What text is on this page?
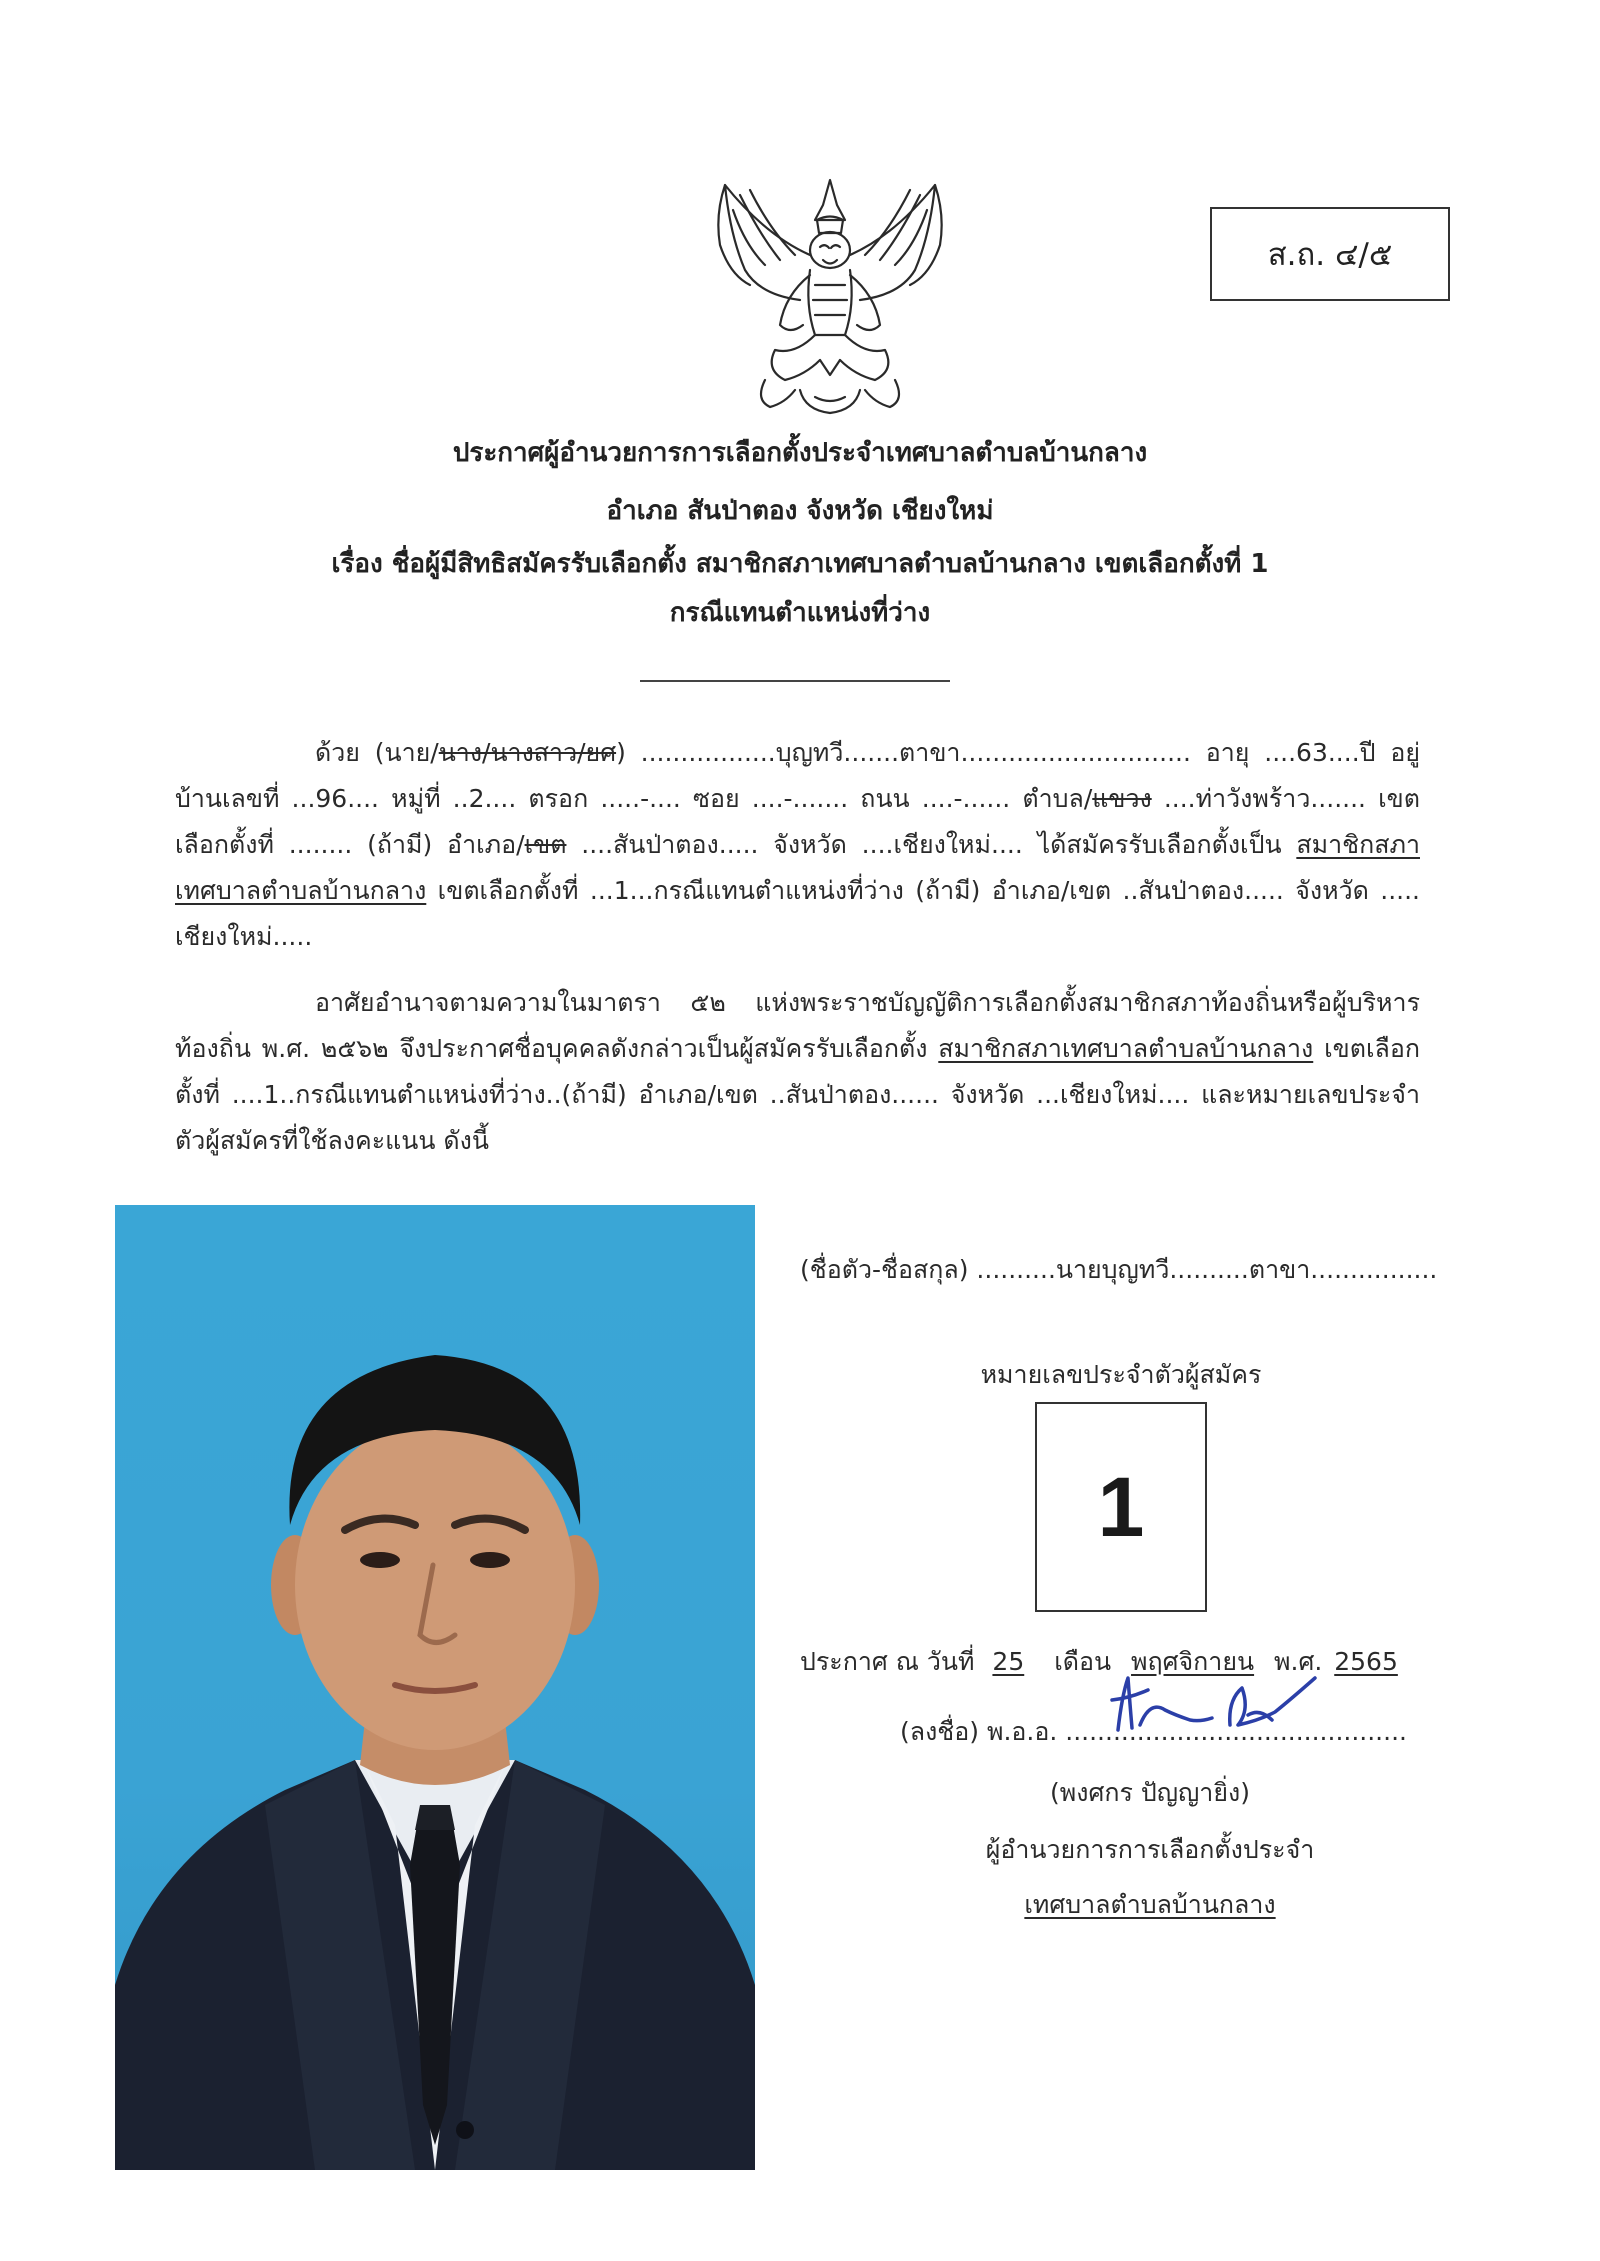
ส.ถ. ๔/๕
ประกาศผู้อำนวยการการเลือกตั้งประจำเทศบาลตำบลบ้านกลาง
อำเภอ สันป่าตอง จังหวัด เชียงใหม่
เรื่อง ชื่อผู้มีสิทธิสมัครรับเลือกตั้ง สมาชิกสภาเทศบาลตำบลบ้านกลาง เขตเลือกตั้งที่ 1
กรณีแทนตำแหน่งที่ว่าง

ด้วย (นาย/นาง/นางสาว/ยศ) .................บุญทวี.......ตาขา............................. อายุ ....63....ปี อยู่บ้านเลขที่ ...96.... หมู่ที่ ..2.... ตรอก .....-.... ซอย ....-....... ถนน ....-...... ตำบล/แขวง ....ท่าวังพร้าว....... เขตเลือกตั้งที่ ........ (ถ้ามี) อำเภอ/เขต ....สันป่าตอง..... จังหวัด ....เชียงใหม่.... ได้สมัครรับเลือกตั้งเป็น สมาชิกสภาเทศบาลตำบลบ้านกลาง เขตเลือกตั้งที่ ...1...กรณีแทนตำแหน่งที่ว่าง (ถ้ามี) อำเภอ/เขต ..สันป่าตอง..... จังหวัด ..... เชียงใหม่.....

อาศัยอำนาจตามความในมาตรา ๕๒ แห่งพระราชบัญญัติการเลือกตั้งสมาชิกสภาท้องถิ่นหรือผู้บริหารท้องถิ่น พ.ศ. ๒๕๖๒ จึงประกาศชื่อบุคคลดังกล่าวเป็นผู้สมัครรับเลือกตั้ง สมาชิกสภาเทศบาลตำบลบ้านกลาง เขตเลือกตั้งที่ ....1..กรณีแทนตำแหน่งที่ว่าง..(ถ้ามี) อำเภอ/เขต ..สันป่าตอง...... จังหวัด ...เชียงใหม่.... และหมายเลขประจำตัวผู้สมัครที่ใช้ลงคะแนน ดังนี้

(ชื่อตัว-ชื่อสกุล) ..........นายบุญทวี..........ตาขา................
หมายเลขประจำตัวผู้สมัคร
1
ประกาศ ณ วันที่ 25 เดือน พฤศจิกายน พ.ศ. 2565
(ลงชื่อ) พ.อ.อ. ...........................................
(พงศกร ปัญญายิ่ง)
ผู้อำนวยการการเลือกตั้งประจำ
เทศบาลตำบลบ้านกลาง
